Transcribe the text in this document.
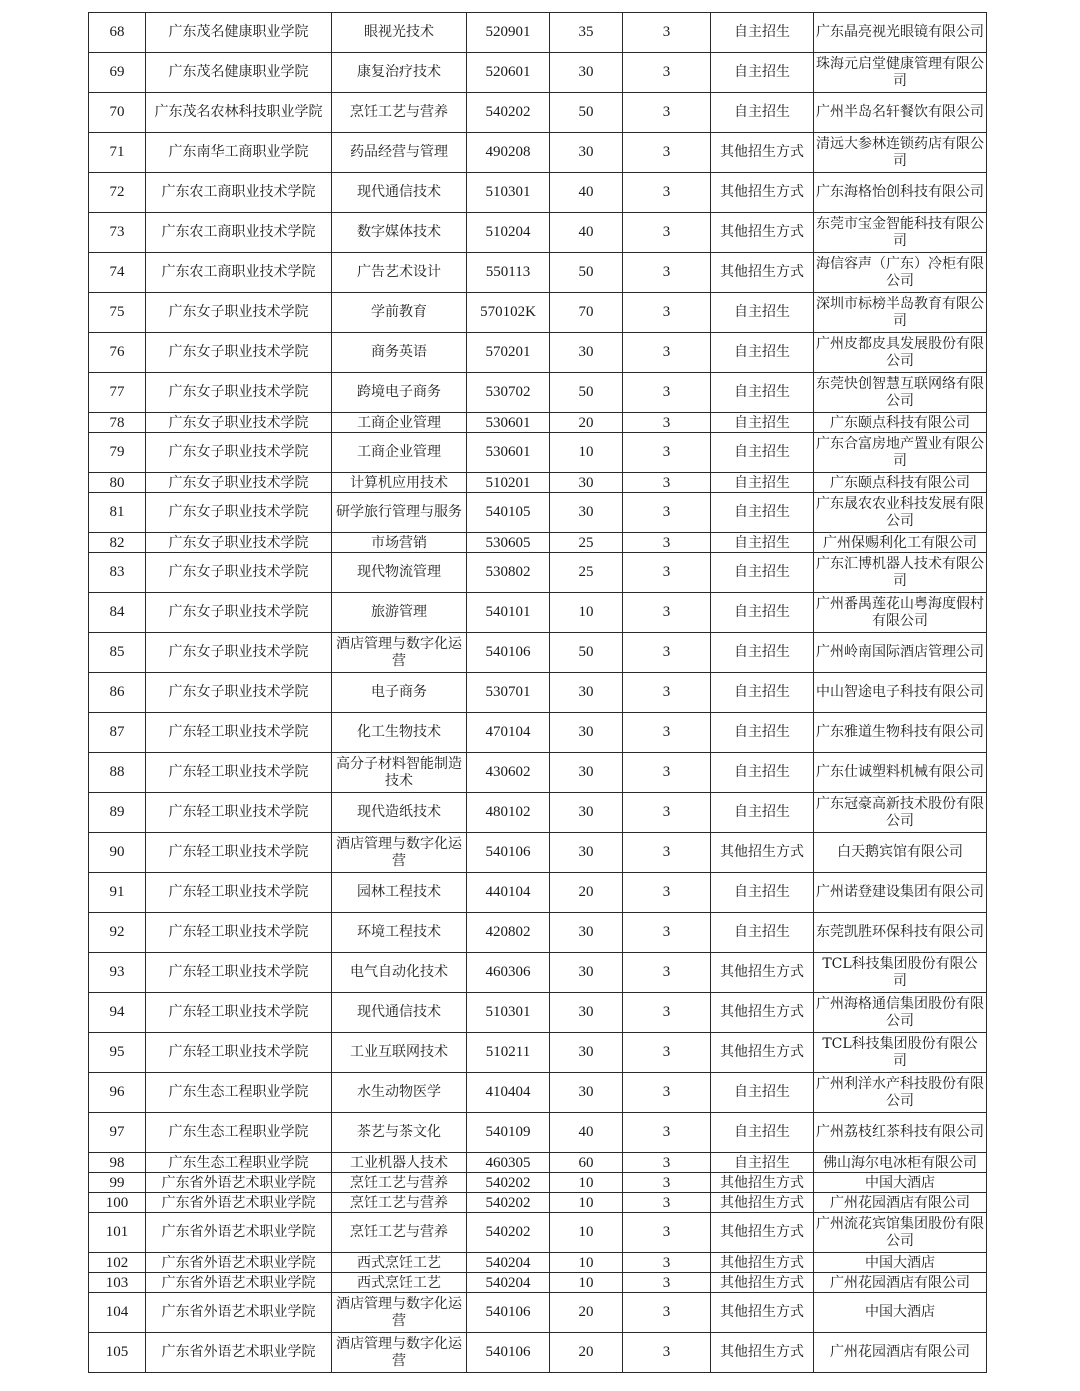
68	广东茂名健康职业学院	眼视光技术	520901	35	3	自主招生	广东晶亮视光眼镜有限公司
69	广东茂名健康职业学院	康复治疗技术	520601	30	3	自主招生	珠海元启堂健康管理有限公司
70	广东茂名农林科技职业学院	烹饪工艺与营养	540202	50	3	自主招生	广州半岛名轩餐饮有限公司
71	广东南华工商职业学院	药品经营与管理	490208	30	3	其他招生方式	清远大参林连锁药店有限公司
72	广东农工商职业技术学院	现代通信技术	510301	40	3	其他招生方式	广东海格怡创科技有限公司
73	广东农工商职业技术学院	数字媒体技术	510204	40	3	其他招生方式	东莞市宝金智能科技有限公司
74	广东农工商职业技术学院	广告艺术设计	550113	50	3	其他招生方式	海信容声（广东）冷柜有限公司
75	广东女子职业技术学院	学前教育	570102K	70	3	自主招生	深圳市标榜半岛教育有限公司
76	广东女子职业技术学院	商务英语	570201	30	3	自主招生	广州皮都皮具发展股份有限公司
77	广东女子职业技术学院	跨境电子商务	530702	50	3	自主招生	东莞快创智慧互联网络有限公司
78	广东女子职业技术学院	工商企业管理	530601	20	3	自主招生	广东颐点科技有限公司
79	广东女子职业技术学院	工商企业管理	530601	10	3	自主招生	广东合富房地产置业有限公司
80	广东女子职业技术学院	计算机应用技术	510201	30	3	自主招生	广东颐点科技有限公司
81	广东女子职业技术学院	研学旅行管理与服务	540105	30	3	自主招生	广东晟农农业科技发展有限公司
82	广东女子职业技术学院	市场营销	530605	25	3	自主招生	广州保赐利化工有限公司
83	广东女子职业技术学院	现代物流管理	530802	25	3	自主招生	广东汇博机器人技术有限公司
84	广东女子职业技术学院	旅游管理	540101	10	3	自主招生	广州番禺莲花山粤海度假村有限公司
85	广东女子职业技术学院	酒店管理与数字化运营	540106	50	3	自主招生	广州岭南国际酒店管理公司
86	广东女子职业技术学院	电子商务	530701	30	3	自主招生	中山智途电子科技有限公司
87	广东轻工职业技术学院	化工生物技术	470104	30	3	自主招生	广东雅道生物科技有限公司
88	广东轻工职业技术学院	高分子材料智能制造技术	430602	30	3	自主招生	广东仕诚塑料机械有限公司
89	广东轻工职业技术学院	现代造纸技术	480102	30	3	自主招生	广东冠豪高新技术股份有限公司
90	广东轻工职业技术学院	酒店管理与数字化运营	540106	30	3	其他招生方式	白天鹅宾馆有限公司
91	广东轻工职业技术学院	园林工程技术	440104	20	3	自主招生	广州诺登建设集团有限公司
92	广东轻工职业技术学院	环境工程技术	420802	30	3	自主招生	东莞凯胜环保科技有限公司
93	广东轻工职业技术学院	电气自动化技术	460306	30	3	其他招生方式	TCL科技集团股份有限公司
94	广东轻工职业技术学院	现代通信技术	510301	30	3	其他招生方式	广州海格通信集团股份有限公司
95	广东轻工职业技术学院	工业互联网技术	510211	30	3	其他招生方式	TCL科技集团股份有限公司
96	广东生态工程职业学院	水生动物医学	410404	30	3	自主招生	广州利洋水产科技股份有限公司
97	广东生态工程职业学院	茶艺与茶文化	540109	40	3	自主招生	广州荔枝红茶科技有限公司
98	广东生态工程职业学院	工业机器人技术	460305	60	3	自主招生	佛山海尔电冰柜有限公司
99	广东省外语艺术职业学院	烹饪工艺与营养	540202	10	3	其他招生方式	中国大酒店
100	广东省外语艺术职业学院	烹饪工艺与营养	540202	10	3	其他招生方式	广州花园酒店有限公司
101	广东省外语艺术职业学院	烹饪工艺与营养	540202	10	3	其他招生方式	广州流花宾馆集团股份有限公司
102	广东省外语艺术职业学院	西式烹饪工艺	540204	10	3	其他招生方式	中国大酒店
103	广东省外语艺术职业学院	西式烹饪工艺	540204	10	3	其他招生方式	广州花园酒店有限公司
104	广东省外语艺术职业学院	酒店管理与数字化运营	540106	20	3	其他招生方式	中国大酒店
105	广东省外语艺术职业学院	酒店管理与数字化运营	540106	20	3	其他招生方式	广州花园酒店有限公司
